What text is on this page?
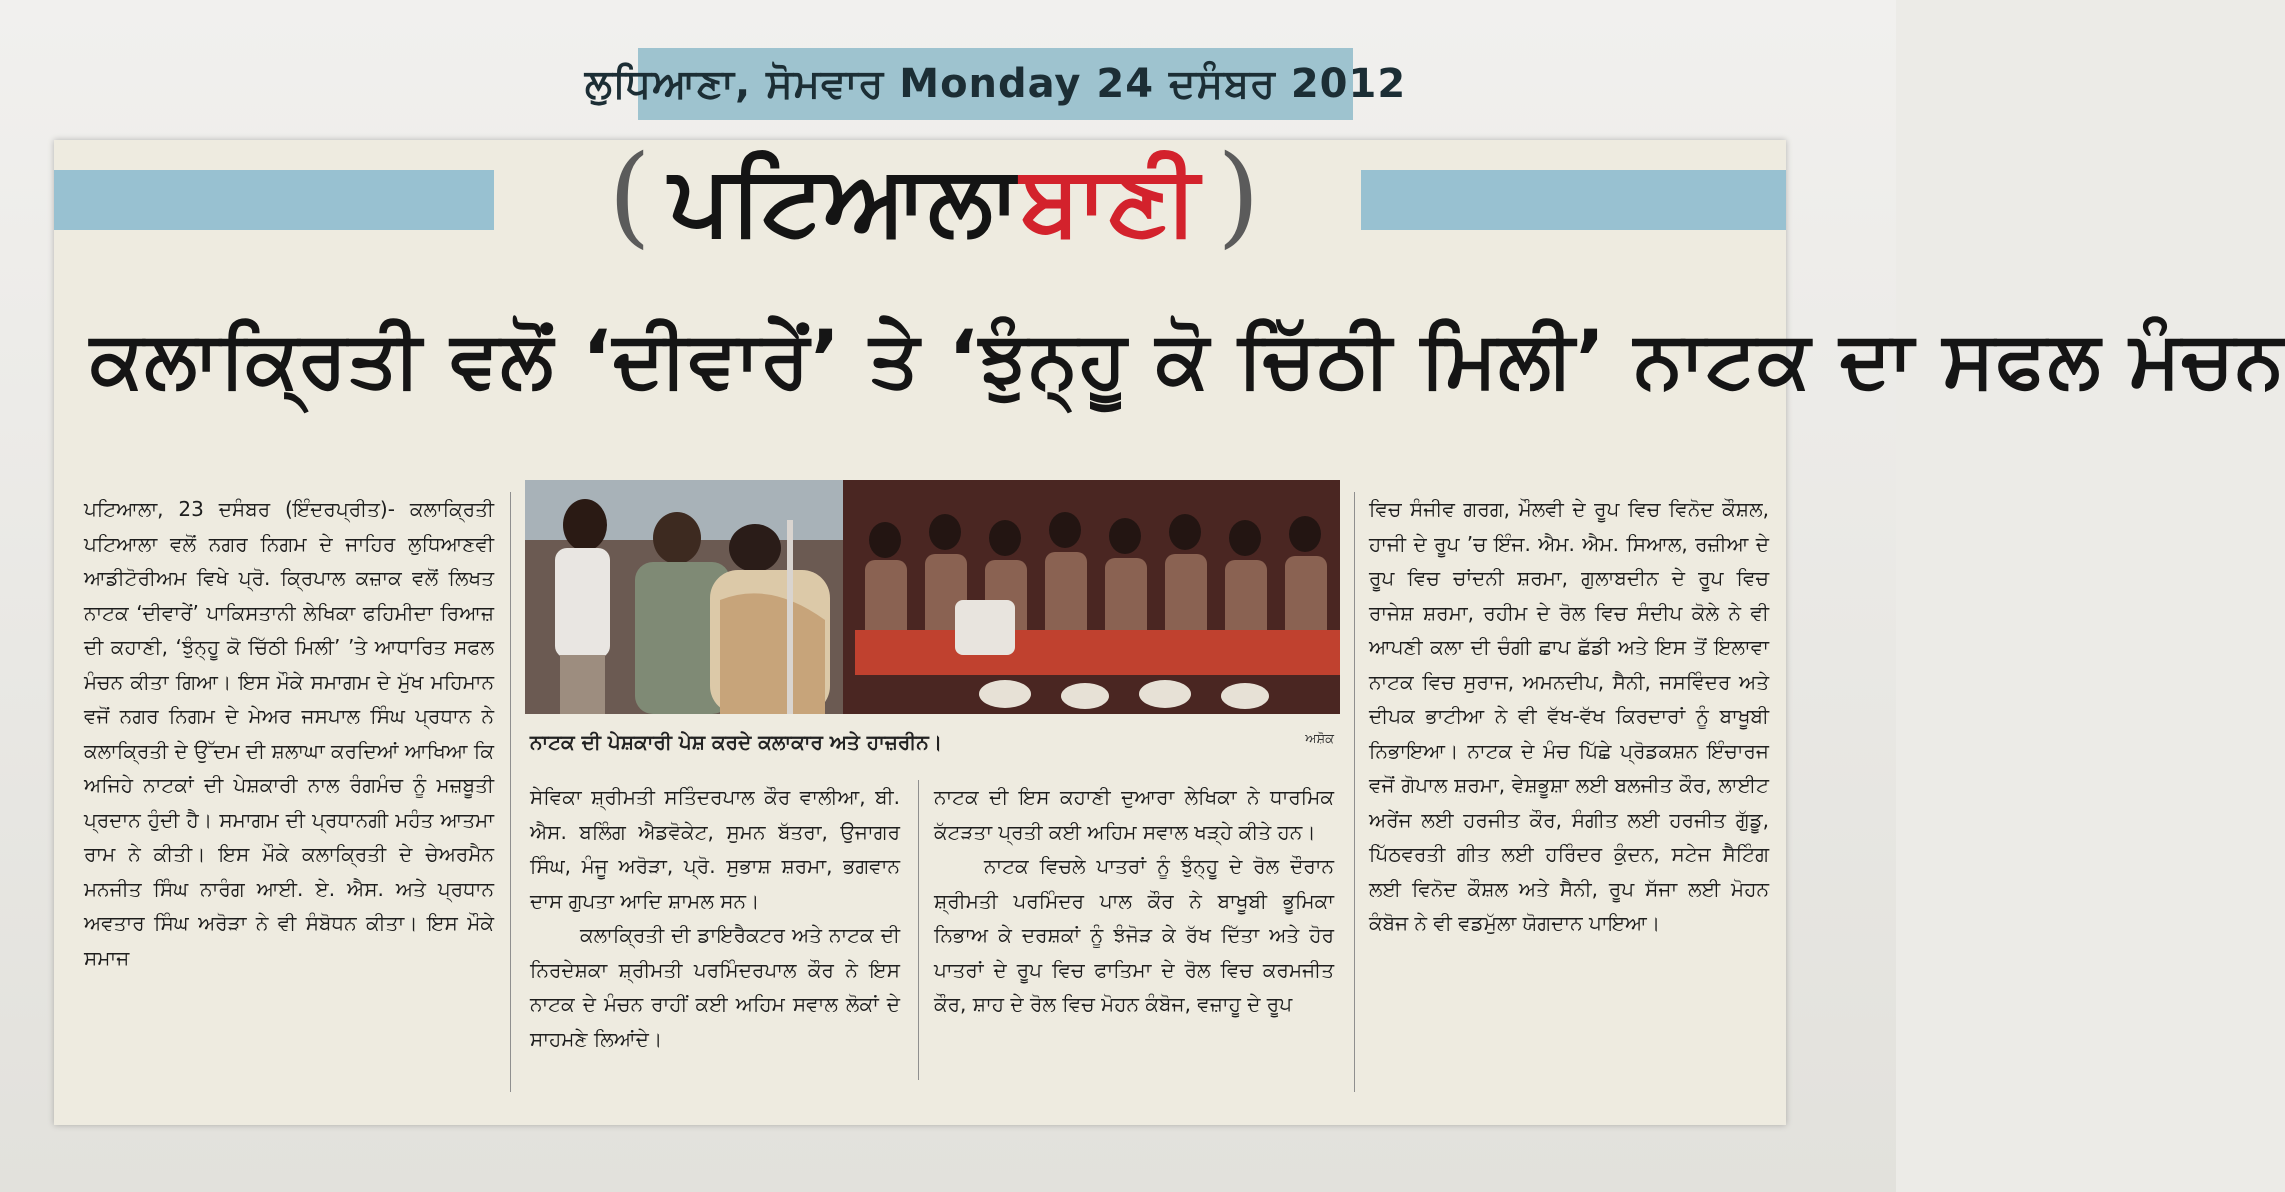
ਲੁਧਿਆਣਾ, ਸੋਮਵਾਰ Monday 24 ਦਸੰਬਰ 2012
( ਪਟਿਆਲਾ ਬਾਣੀ )
ਕਲਾਕ੍ਰਿਤੀ ਵਲੋਂ ‘ਦੀਵਾਰੇਂ’ ਤੇ ‘ਝੁੰਨ੍ਹੂ ਕੋ ਚਿੱਠੀ ਮਿਲੀ’ ਨਾਟਕ ਦਾ ਸਫਲ ਮੰਚਨ
ਨਾਟਕ ਦੀ ਪੇਸ਼ਕਾਰੀ ਪੇਸ਼ ਕਰਦੇ ਕਲਾਕਾਰ ਅਤੇ ਹਾਜ਼ਰੀਨ।	ਅਸ਼ੋਕ

ਪਟਿਆਲਾ, 23 ਦਸੰਬਰ (ਇੰਦਰਪ੍ਰੀਤ)- ਕਲਾਕ੍ਰਿਤੀ ਪਟਿਆਲਾ ਵਲੋਂ ਨਗਰ ਨਿਗਮ ਦੇ ਜਾਹਿਰ ਲੁਧਿਆਣਵੀ ਆਡੀਟੋਰੀਅਮ ਵਿਖੇ ਪ੍ਰੋ. ਕ੍ਰਿਪਾਲ ਕਜ਼ਾਕ ਵਲੋਂ ਲਿਖਤ ਨਾਟਕ ‘ਦੀਵਾਰੇਂ’ ਪਾਕਿਸਤਾਨੀ ਲੇਖਿਕਾ ਫਹਿਮੀਦਾ ਰਿਆਜ਼ ਦੀ ਕਹਾਣੀ, ‘ਝੁੰਨ੍ਹੂ ਕੋ ਚਿੱਠੀ ਮਿਲੀ’ ’ਤੇ ਆਧਾਰਿਤ ਸਫਲ ਮੰਚਨ ਕੀਤਾ ਗਿਆ। ਇਸ ਮੌਕੇ ਸਮਾਗਮ ਦੇ ਮੁੱਖ ਮਹਿਮਾਨ ਵਜੋਂ ਨਗਰ ਨਿਗਮ ਦੇ ਮੇਅਰ ਜਸਪਾਲ ਸਿੰਘ ਪ੍ਰਧਾਨ ਨੇ ਕਲਾਕ੍ਰਿਤੀ ਦੇ ਉੱਦਮ ਦੀ ਸ਼ਲਾਘਾ ਕਰਦਿਆਂ ਆਖਿਆ ਕਿ ਅਜਿਹੇ ਨਾਟਕਾਂ ਦੀ ਪੇਸ਼ਕਾਰੀ ਨਾਲ ਰੰਗਮੰਚ ਨੂੰ ਮਜ਼ਬੂਤੀ ਪ੍ਰਦਾਨ ਹੁੰਦੀ ਹੈ। ਸਮਾਗਮ ਦੀ ਪ੍ਰਧਾਨਗੀ ਮਹੰਤ ਆਤਮਾ ਰਾਮ ਨੇ ਕੀਤੀ। ਇਸ ਮੌਕੇ ਕਲਾਕ੍ਰਿਤੀ ਦੇ ਚੇਅਰਮੈਨ ਮਨਜੀਤ ਸਿੰਘ ਨਾਰੰਗ ਆਈ. ਏ. ਐਸ. ਅਤੇ ਪ੍ਰਧਾਨ ਅਵਤਾਰ ਸਿੰਘ ਅਰੋੜਾ ਨੇ ਵੀ ਸੰਬੋਧਨ ਕੀਤਾ। ਇਸ ਮੌਕੇ ਸਮਾਜ

ਸੇਵਿਕਾ ਸ਼੍ਰੀਮਤੀ ਸਤਿੰਦਰਪਾਲ ਕੌਰ ਵਾਲੀਆ, ਬੀ. ਐਸ. ਬਲਿੰਗ ਐਡਵੋਕੇਟ, ਸੁਮਨ ਬੱਤਰਾ, ਉਜਾਗਰ ਸਿੰਘ, ਮੰਜੂ ਅਰੋੜਾ, ਪ੍ਰੋ. ਸੁਭਾਸ਼ ਸ਼ਰਮਾ, ਭਗਵਾਨ ਦਾਸ ਗੁਪਤਾ ਆਦਿ ਸ਼ਾਮਲ ਸਨ।

ਕਲਾਕ੍ਰਿਤੀ ਦੀ ਡਾਇਰੈਕਟਰ ਅਤੇ ਨਾਟਕ ਦੀ ਨਿਰਦੇਸ਼ਕਾ ਸ਼੍ਰੀਮਤੀ ਪਰਮਿੰਦਰਪਾਲ ਕੌਰ ਨੇ ਇਸ ਨਾਟਕ ਦੇ ਮੰਚਨ ਰਾਹੀਂ ਕਈ ਅਹਿਮ ਸਵਾਲ ਲੋਕਾਂ ਦੇ ਸਾਹਮਣੇ ਲਿਆਂਦੇ।

ਨਾਟਕ ਦੀ ਇਸ ਕਹਾਣੀ ਦੁਆਰਾ ਲੇਖਿਕਾ ਨੇ ਧਾਰਮਿਕ ਕੱਟੜਤਾ ਪ੍ਰਤੀ ਕਈ ਅਹਿਮ ਸਵਾਲ ਖੜ੍ਹੇ ਕੀਤੇ ਹਨ।

ਨਾਟਕ ਵਿਚਲੇ ਪਾਤਰਾਂ ਨੂੰ ਝੁੰਨ੍ਹੂ ਦੇ ਰੋਲ ਦੌਰਾਨ ਸ਼੍ਰੀਮਤੀ ਪਰਮਿੰਦਰ ਪਾਲ ਕੌਰ ਨੇ ਬਾਖੂਬੀ ਭੂਮਿਕਾ ਨਿਭਾਅ ਕੇ ਦਰਸ਼ਕਾਂ ਨੂੰ ਝੰਜੋੜ ਕੇ ਰੱਖ ਦਿੱਤਾ ਅਤੇ ਹੋਰ ਪਾਤਰਾਂ ਦੇ ਰੂਪ ਵਿਚ ਫਾਤਿਮਾ ਦੇ ਰੋਲ ਵਿਚ ਕਰਮਜੀਤ ਕੌਰ, ਸ਼ਾਹ ਦੇ ਰੋਲ ਵਿਚ ਮੋਹਨ ਕੰਬੋਜ, ਵਜ਼ਾਹੂ ਦੇ ਰੂਪ

ਵਿਚ ਸੰਜੀਵ ਗਰਗ, ਮੌਲਵੀ ਦੇ ਰੂਪ ਵਿਚ ਵਿਨੋਦ ਕੌਸ਼ਲ, ਹਾਜੀ ਦੇ ਰੂਪ ’ਚ ਇੰਜ. ਐਮ. ਐਮ. ਸਿਆਲ, ਰਜ਼ੀਆ ਦੇ ਰੂਪ ਵਿਚ ਚਾਂਦਨੀ ਸ਼ਰਮਾ, ਗੁਲਾਬਦੀਨ ਦੇ ਰੂਪ ਵਿਚ ਰਾਜੇਸ਼ ਸ਼ਰਮਾ, ਰਹੀਮ ਦੇ ਰੋਲ ਵਿਚ ਸੰਦੀਪ ਕੋਲੇ ਨੇ ਵੀ ਆਪਣੀ ਕਲਾ ਦੀ ਚੰਗੀ ਛਾਪ ਛੱਡੀ ਅਤੇ ਇਸ ਤੋਂ ਇਲਾਵਾ ਨਾਟਕ ਵਿਚ ਸੁਰਾਜ, ਅਮਨਦੀਪ, ਸੈਨੀ, ਜਸਵਿੰਦਰ ਅਤੇ ਦੀਪਕ ਭਾਟੀਆ ਨੇ ਵੀ ਵੱਖ-ਵੱਖ ਕਿਰਦਾਰਾਂ ਨੂੰ ਬਾਖੂਬੀ ਨਿਭਾਇਆ। ਨਾਟਕ ਦੇ ਮੰਚ ਪਿੱਛੇ ਪ੍ਰੋਡਕਸ਼ਨ ਇੰਚਾਰਜ ਵਜੋਂ ਗੋਪਾਲ ਸ਼ਰਮਾ, ਵੇਸ਼ਭੂਸ਼ਾ ਲਈ ਬਲਜੀਤ ਕੌਰ, ਲਾਈਟ ਅਰੇਂਜ ਲਈ ਹਰਜੀਤ ਕੌਰ, ਸੰਗੀਤ ਲਈ ਹਰਜੀਤ ਗੁੱਡੂ, ਪਿੱਠਵਰਤੀ ਗੀਤ ਲਈ ਹਰਿੰਦਰ ਕੁੰਦਨ, ਸਟੇਜ ਸੈਟਿੰਗ ਲਈ ਵਿਨੋਦ ਕੌਸ਼ਲ ਅਤੇ ਸੈਨੀ, ਰੂਪ ਸੱਜਾ ਲਈ ਮੋਹਨ ਕੰਬੋਜ ਨੇ ਵੀ ਵਡਮੁੱਲਾ ਯੋਗਦਾਨ ਪਾਇਆ।
